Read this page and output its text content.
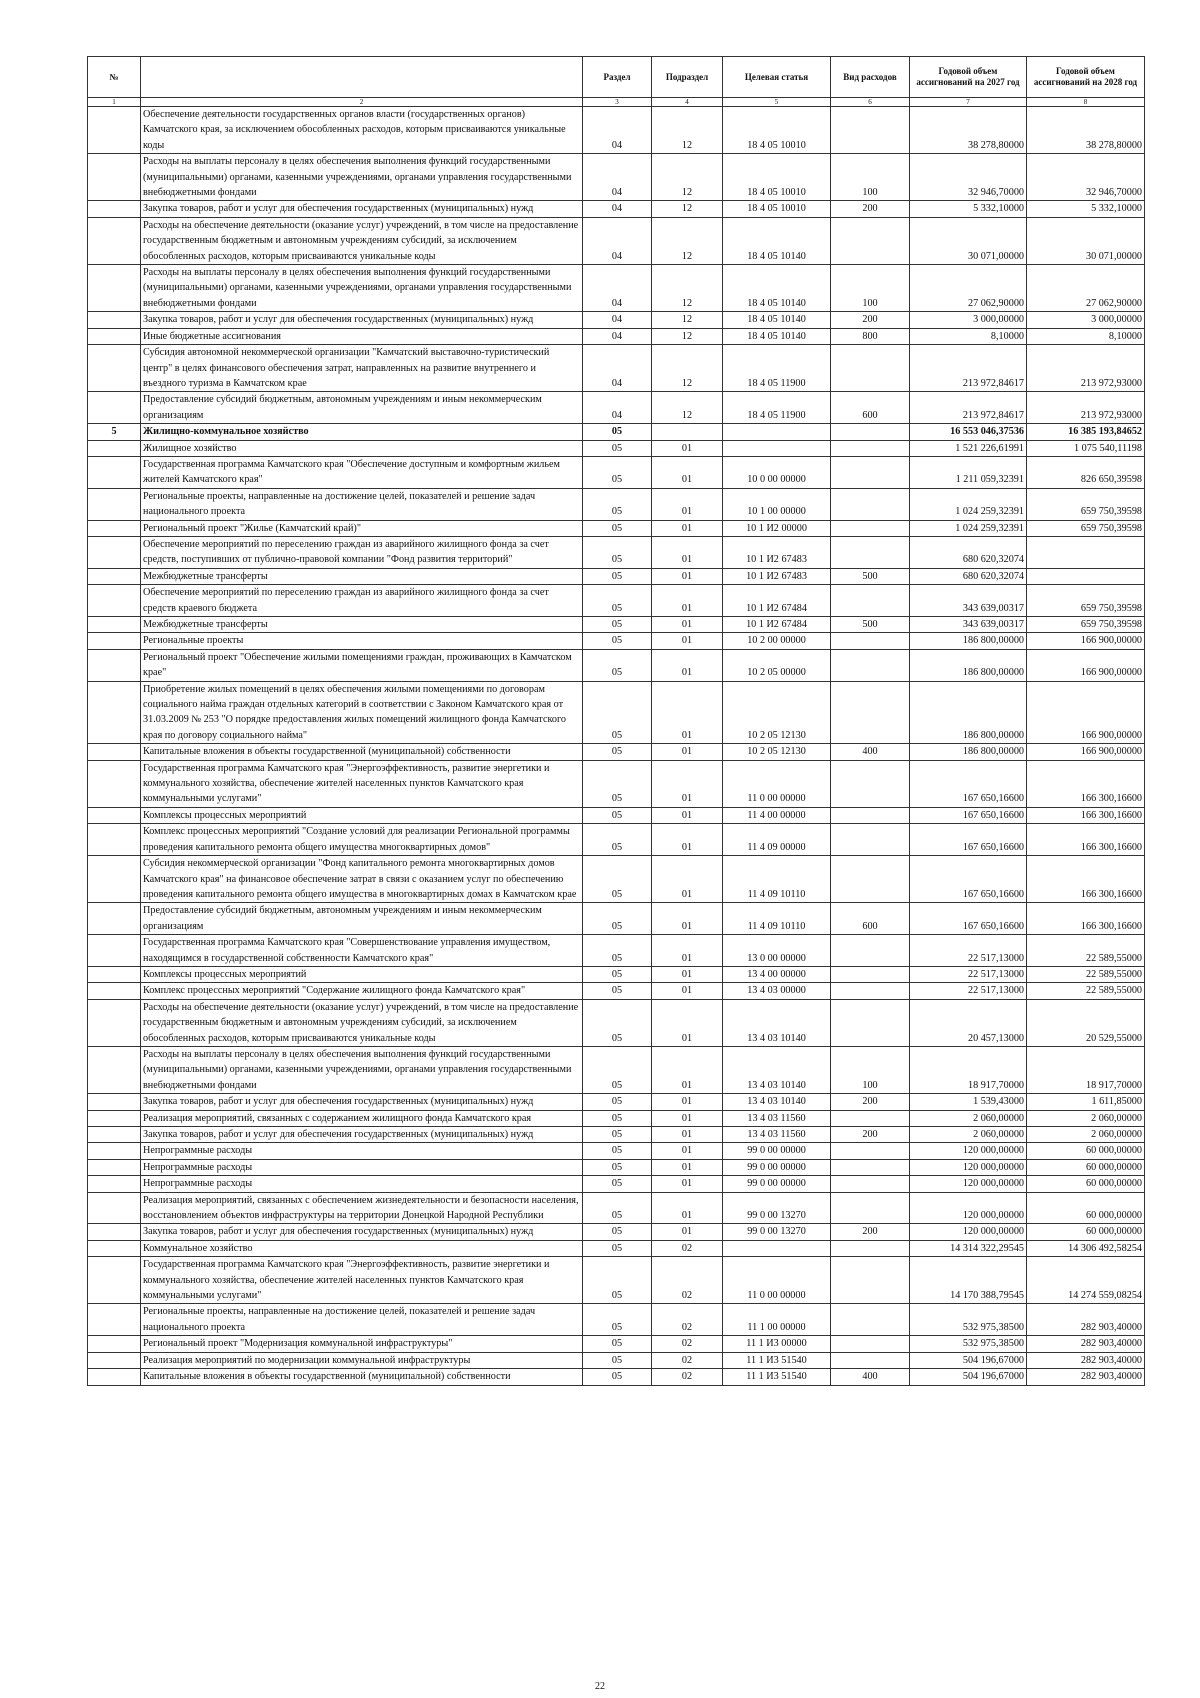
№		Раздел	Подраздел	Целевая статья	Вид расходов	Годовой объем ассигнований на 2027 год	Годовой объем ассигнований на 2028 год
1	2	3	4	5	6	7	8
	Обеспечение деятельности государственных органов власти (государственных органов) Камчатского края, за исключением обособленных расходов, которым присваиваются уникальные коды	04	12	18 4 05 10010		38 278,80000	38 278,80000
	Расходы на выплаты персоналу в целях обеспечения выполнения функций государственными (муниципальными) органами, казенными учреждениями, органами управления государственными внебюджетными фондами	04	12	18 4 05 10010	100	32 946,70000	32 946,70000
	Закупка товаров, работ и услуг для обеспечения государственных (муниципальных) нужд	04	12	18 4 05 10010	200	5 332,10000	5 332,10000
	Расходы на обеспечение деятельности (оказание услуг) учреждений, в том числе на предоставление государственным бюджетным и автономным учреждениям субсидий, за исключением обособленных расходов, которым присваиваются уникальные коды	04	12	18 4 05 10140		30 071,00000	30 071,00000
	Расходы на выплаты персоналу в целях обеспечения выполнения функций государственными (муниципальными) органами, казенными учреждениями, органами управления государственными внебюджетными фондами	04	12	18 4 05 10140	100	27 062,90000	27 062,90000
	Закупка товаров, работ и услуг для обеспечения государственных (муниципальных) нужд	04	12	18 4 05 10140	200	3 000,00000	3 000,00000
	Иные бюджетные ассигнования	04	12	18 4 05 10140	800	8,10000	8,10000
	Субсидия автономной некоммерческой организации "Камчатский выставочно-туристический центр" в целях финансового обеспечения затрат, направленных на развитие внутреннего и въездного туризма в Камчатском крае	04	12	18 4 05 11900		213 972,84617	213 972,93000
	Предоставление субсидий бюджетным, автономным учреждениям и иным некоммерческим организациям	04	12	18 4 05 11900	600	213 972,84617	213 972,93000
5	Жилищно-коммунальное хозяйство	05				16 553 046,37536	16 385 193,84652
	Жилищное хозяйство	05	01			1 521 226,61991	1 075 540,11198
	Государственная программа Камчатского края "Обеспечение доступным и комфортным жильем жителей Камчатского края"	05	01	10 0 00 00000		1 211 059,32391	826 650,39598
	Региональные проекты, направленные на достижение целей, показателей и решение задач национального проекта	05	01	10 1 00 00000		1 024 259,32391	659 750,39598
	Региональный проект "Жилье (Камчатский край)"	05	01	10 1 И2 00000		1 024 259,32391	659 750,39598
	Обеспечение мероприятий по переселению граждан из аварийного жилищного фонда за счет средств, поступивших от публично-правовой компании "Фонд развития территорий"	05	01	10 1 И2 67483		680 620,32074	
	Межбюджетные трансферты	05	01	10 1 И2 67483	500	680 620,32074	
	Обеспечение мероприятий по переселению граждан из аварийного жилищного фонда за счет средств краевого бюджета	05	01	10 1 И2 67484		343 639,00317	659 750,39598
	Межбюджетные трансферты	05	01	10 1 И2 67484	500	343 639,00317	659 750,39598
	Региональные проекты	05	01	10 2 00 00000		186 800,00000	166 900,00000
	Региональный проект "Обеспечение жилыми помещениями граждан, проживающих в Камчатском крае"	05	01	10 2 05 00000		186 800,00000	166 900,00000
	Приобретение жилых помещений в целях обеспечения жилыми помещениями по договорам социального найма граждан отдельных категорий в соответствии с Законом Камчатского края от 31.03.2009 № 253 "О порядке предоставления жилых помещений жилищного фонда Камчатского края по договору социального найма"	05	01	10 2 05 12130		186 800,00000	166 900,00000
	Капитальные вложения в объекты государственной (муниципальной) собственности	05	01	10 2 05 12130	400	186 800,00000	166 900,00000
	Государственная программа Камчатского края "Энергоэффективность, развитие энергетики и коммунального хозяйства, обеспечение жителей населенных пунктов Камчатского края коммунальными услугами"	05	01	11 0 00 00000		167 650,16600	166 300,16600
	Комплексы процессных мероприятий	05	01	11 4 00 00000		167 650,16600	166 300,16600
	Комплекс процессных мероприятий "Создание условий для реализации Региональной программы проведения капитального ремонта общего имущества многоквартирных домов"	05	01	11 4 09 00000		167 650,16600	166 300,16600
	Субсидия некоммерческой организации "Фонд капитального ремонта многоквартирных домов Камчатского края" на финансовое обеспечение затрат в связи с оказанием услуг по обеспечению проведения капитального ремонта общего имущества в многоквартирных домах в Камчатском крае	05	01	11 4 09 10110		167 650,16600	166 300,16600
	Предоставление субсидий бюджетным, автономным учреждениям и иным некоммерческим организациям	05	01	11 4 09 10110	600	167 650,16600	166 300,16600
	Государственная программа Камчатского края "Совершенствование управления имуществом, находящимся в государственной собственности Камчатского края"	05	01	13 0 00 00000		22 517,13000	22 589,55000
	Комплексы процессных мероприятий	05	01	13 4 00 00000		22 517,13000	22 589,55000
	Комплекс процессных мероприятий "Содержание жилищного фонда Камчатского края"	05	01	13 4 03 00000		22 517,13000	22 589,55000
	Расходы на обеспечение деятельности (оказание услуг) учреждений, в том числе на предоставление государственным бюджетным и автономным учреждениям субсидий, за исключением обособленных расходов, которым присваиваются уникальные коды	05	01	13 4 03 10140		20 457,13000	20 529,55000
	Расходы на выплаты персоналу в целях обеспечения выполнения функций государственными (муниципальными) органами, казенными учреждениями, органами управления государственными внебюджетными фондами	05	01	13 4 03 10140	100	18 917,70000	18 917,70000
	Закупка товаров, работ и услуг для обеспечения государственных (муниципальных) нужд	05	01	13 4 03 10140	200	1 539,43000	1 611,85000
	Реализация мероприятий, связанных с содержанием жилищного фонда Камчатского края	05	01	13 4 03 11560		2 060,00000	2 060,00000
	Закупка товаров, работ и услуг для обеспечения государственных (муниципальных) нужд	05	01	13 4 03 11560	200	2 060,00000	2 060,00000
	Непрограммные расходы	05	01	99 0 00 00000		120 000,00000	60 000,00000
	Непрограммные расходы	05	01	99 0 00 00000		120 000,00000	60 000,00000
	Непрограммные расходы	05	01	99 0 00 00000		120 000,00000	60 000,00000
	Реализация мероприятий, связанных с обеспечением жизнедеятельности и безопасности населения, восстановлением объектов инфраструктуры на территории Донецкой Народной Республики	05	01	99 0 00 13270		120 000,00000	60 000,00000
	Закупка товаров, работ и услуг для обеспечения государственных (муниципальных) нужд	05	01	99 0 00 13270	200	120 000,00000	60 000,00000
	Коммунальное хозяйство	05	02			14 314 322,29545	14 306 492,58254
	Государственная программа Камчатского края "Энергоэффективность, развитие энергетики и коммунального хозяйства, обеспечение жителей населенных пунктов Камчатского края коммунальными услугами"	05	02	11 0 00 00000		14 170 388,79545	14 274 559,08254
	Региональные проекты, направленные на достижение целей, показателей и решение задач национального проекта	05	02	11 1 00 00000		532 975,38500	282 903,40000
	Региональный проект "Модернизация коммунальной инфраструктуры"	05	02	11 1 И3 00000		532 975,38500	282 903,40000
	Реализация мероприятий по модернизации коммунальной инфраструктуры	05	02	11 1 И3 51540		504 196,67000	282 903,40000
	Капитальные вложения в объекты государственной (муниципальной) собственности	05	02	11 1 И3 51540	400	504 196,67000	282 903,40000
22
